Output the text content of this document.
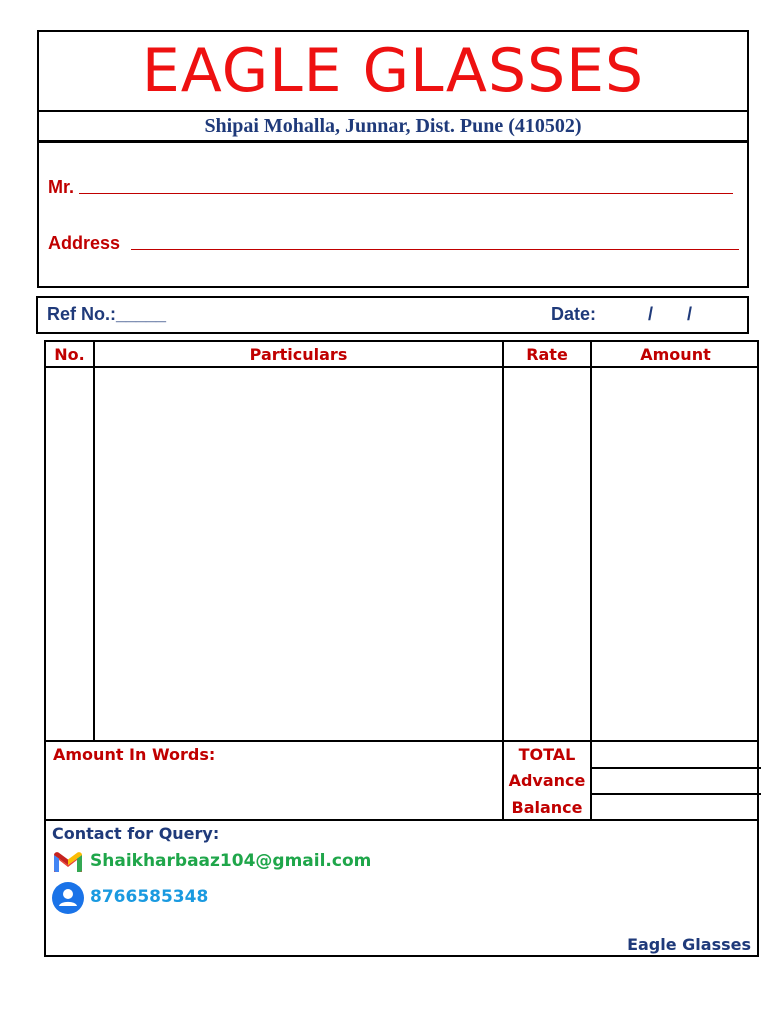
EAGLE GLASSES
Shipai Mohalla, Junnar, Dist. Pune (410502)
Mr.
Address
Ref No.:_____	Date:	/ /
No.	Particulars	Rate	Amount
Amount In Words:	TOTAL
Advance
Balance
Contact for Query:
Shaikharbaaz104@gmail.com
8766585348
Eagle Glasses
